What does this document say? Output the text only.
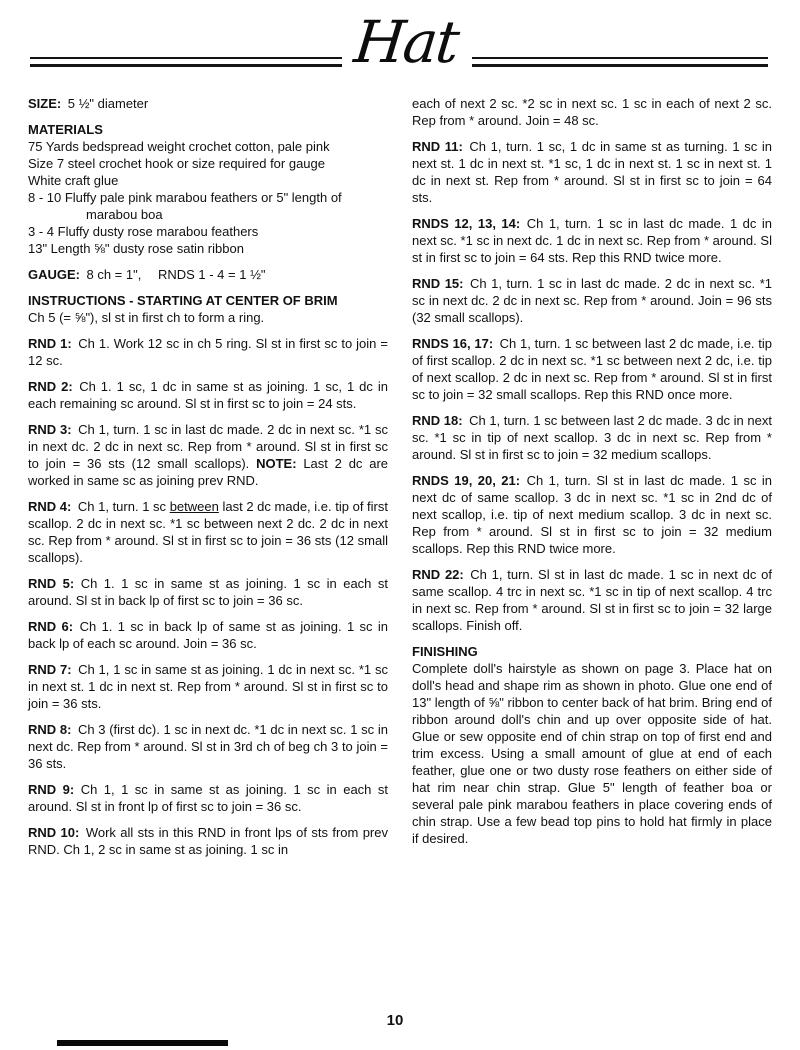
Hat

SIZE:  5 ½" diameter

MATERIALS
75 Yards bedspread weight crochet cotton, pale pink
Size 7 steel crochet hook or size required for gauge
White craft glue
8 - 10 Fluffy pale pink marabou feathers or 5" length of
marabou boa
3 - 4 Fluffy dusty rose marabou feathers
13" Length ⅝" dusty rose satin ribbon

GAUGE:  8 ch = 1",   RNDS 1 - 4 = 1 ½"

INSTRUCTIONS - STARTING AT CENTER OF BRIM
Ch 5 (= ⅝"), sl st in first ch to form a ring.

RND 1:  Ch 1. Work 12 sc in ch 5 ring. Sl st in first sc to join = 12 sc.

RND 2:  Ch 1. 1 sc, 1 dc in same st as joining. 1 sc, 1 dc in each remaining sc around. Sl st in first sc to join = 24 sts.

RND 3:  Ch 1, turn. 1 sc in last dc made. 2 dc in next sc. *1 sc in next dc. 2 dc in next sc. Rep from * around. Sl st in first sc to join = 36 sts (12 small scallops). NOTE: Last 2 dc are worked in same sc as joining prev RND.

RND 4:  Ch 1, turn. 1 sc between last 2 dc made, i.e. tip of first scallop. 2 dc in next sc. *1 sc between next 2 dc. 2 dc in next sc. Rep from * around. Sl st in first sc to join = 36 sts (12 small scallops).

RND 5:  Ch 1. 1 sc in same st as joining. 1 sc in each st around. Sl st in back lp of first sc to join = 36 sc.

RND 6:  Ch 1. 1 sc in back lp of same st as joining. 1 sc in back lp of each sc around. Join = 36 sc.

RND 7:  Ch 1, 1 sc in same st as joining. 1 dc in next sc. *1 sc in next st. 1 dc in next st. Rep from * around. Sl st in first sc to join = 36 sts.

RND 8:  Ch 3 (first dc). 1 sc in next dc. *1 dc in next sc. 1 sc in next dc. Rep from * around. Sl st in 3rd ch of beg ch 3 to join = 36 sts.

RND 9:  Ch 1, 1 sc in same st as joining. 1 sc in each st around. Sl st in front lp of first sc to join = 36 sc.

RND 10:  Work all sts in this RND in front lps of sts from prev RND. Ch 1, 2 sc in same st as joining. 1 sc in

each of next 2 sc. *2 sc in next sc. 1 sc in each of next 2 sc. Rep from * around. Join = 48 sc.

RND 11:  Ch 1, turn. 1 sc, 1 dc in same st as turning. 1 sc in next st. 1 dc in next st. *1 sc, 1 dc in next st. 1 sc in next st. 1 dc in next st. Rep from * around. Sl st in first sc to join = 64 sts.

RNDS 12, 13, 14:  Ch 1, turn. 1 sc in last dc made. 1 dc in next sc. *1 sc in next dc. 1 dc in next sc. Rep from * around. Sl st in first sc to join = 64 sts. Rep this RND twice more.

RND 15:  Ch 1, turn. 1 sc in last dc made. 2 dc in next sc. *1 sc in next dc. 2 dc in next sc. Rep from * around. Join = 96 sts (32 small scallops).

RNDS 16, 17:  Ch 1, turn. 1 sc between last 2 dc made, i.e. tip of first scallop. 2 dc in next sc. *1 sc between next 2 dc, i.e. tip of next scallop. 2 dc in next sc. Rep from * around. Sl st in first sc to join = 32 small scallops. Rep this RND once more.

RND 18:  Ch 1, turn. 1 sc between last 2 dc made. 3 dc in next sc. *1 sc in tip of next scallop. 3 dc in next sc. Rep from * around. Sl st in first sc to join = 32 medium scallops.

RNDS 19, 20, 21:  Ch 1, turn. Sl st in last dc made. 1 sc in next dc of same scallop. 3 dc in next sc. *1 sc in 2nd dc of next scallop, i.e. tip of next medium scallop. 3 dc in next sc. Rep from * around. Sl st in first sc to join = 32 medium scallops. Rep this RND twice more.

RND 22:  Ch 1, turn. Sl st in last dc made. 1 sc in next dc of same scallop. 4 trc in next sc. *1 sc in tip of next scallop. 4 trc in next sc. Rep from * around. Sl st in first sc to join = 32 large scallops. Finish off.

FINISHING
Complete doll's hairstyle as shown on page 3. Place hat on doll's head and shape rim as shown in photo. Glue one end of 13" length of ⅝" ribbon to center back of hat brim. Bring end of ribbon around doll's chin and up over opposite side of hat. Glue or sew opposite end of chin strap on top of first end and trim excess. Using a small amount of glue at end of each feather, glue one or two dusty rose feathers on either side of hat rim near chin strap. Glue 5" length of feather boa or several pale pink marabou feathers in place covering ends of chin strap. Use a few bead top pins to hold hat firmly in place if desired.

10
